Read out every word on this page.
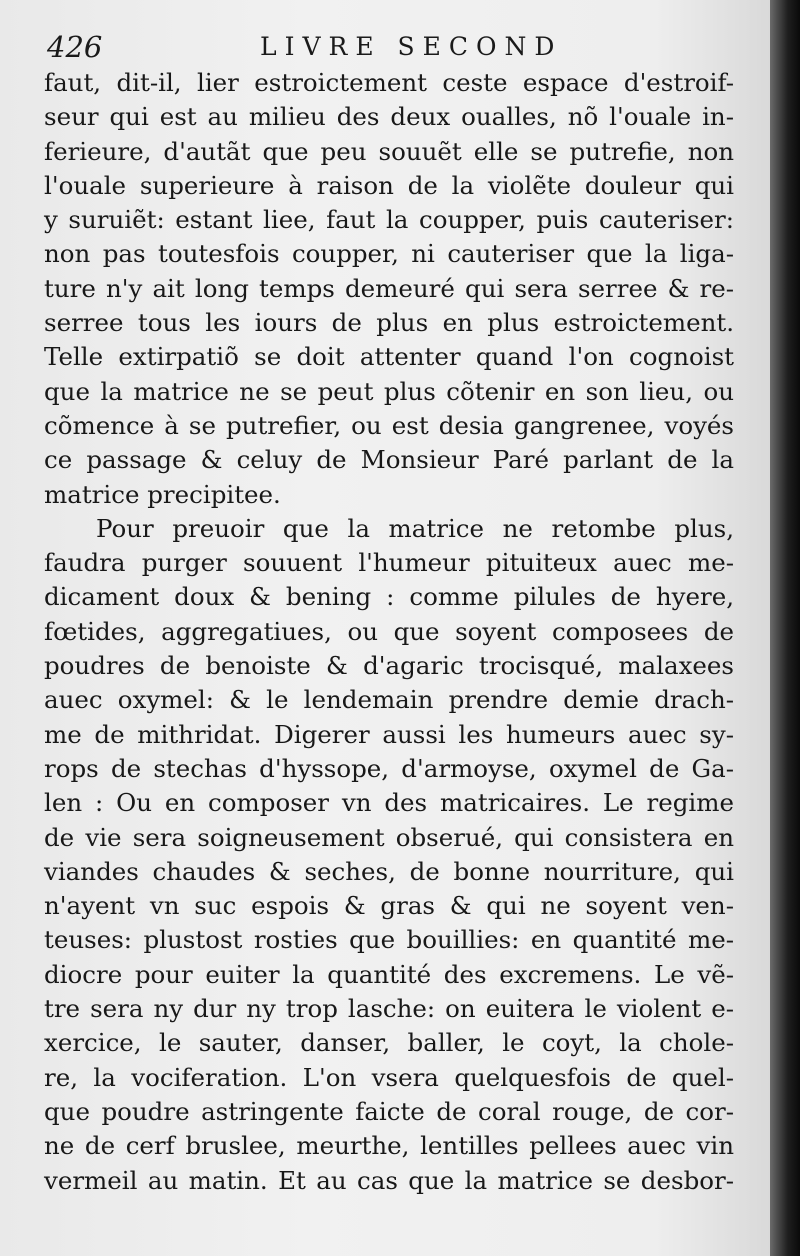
426	LIVRE SECOND
faut, dit-il, lier estroictement ceste espace d'estroif-
seur qui est au milieu des deux oualles, nõ l'ouale in-
ferieure, d'autãt que peu souuẽt elle se putrefie, non
l'ouale superieure à raison de la violẽte douleur qui
y suruiẽt: estant liee, faut la coupper, puis cauteriser:
non pas toutesfois coupper, ni cauteriser que la liga-
ture n'y ait long temps demeuré qui sera serree & re-
serree tous les iours de plus en plus estroictement.
Telle extirpatiõ se doit attenter quand l'on cognoist
que la matrice ne se peut plus cõtenir en son lieu, ou
cõmence à se putrefier, ou est desia gangrenee, voyés
ce passage & celuy de Monsieur Paré parlant de la
matrice precipitee.
Pour preuoir que la matrice ne retombe plus,
faudra purger souuent l'humeur pituiteux auec me-
dicament doux & bening : comme pilules de hyere,
fœtides, aggregatiues, ou que soyent composees de
poudres de benoiste & d'agaric trocisqué, malaxees
auec oxymel: & le lendemain prendre demie drach-
me de mithridat. Digerer aussi les humeurs auec sy-
rops de stechas d'hyssope, d'armoyse, oxymel de Ga-
len : Ou en composer vn des matricaires. Le regime
de vie sera soigneusement obserué, qui consistera en
viandes chaudes & seches, de bonne nourriture, qui
n'ayent vn suc espois & gras & qui ne soyent ven-
teuses: plustost rosties que bouillies: en quantité me-
diocre pour euiter la quantité des excremens. Le vẽ-
tre sera ny dur ny trop lasche: on euitera le violent e-
xercice, le sauter, danser, baller, le coyt, la chole-
re, la vociferation. L'on vsera quelquesfois de quel-
que poudre astringente faicte de coral rouge, de cor-
ne de cerf bruslee, meurthe, lentilles pellees auec vin
vermeil au matin. Et au cas que la matrice se desbor-
